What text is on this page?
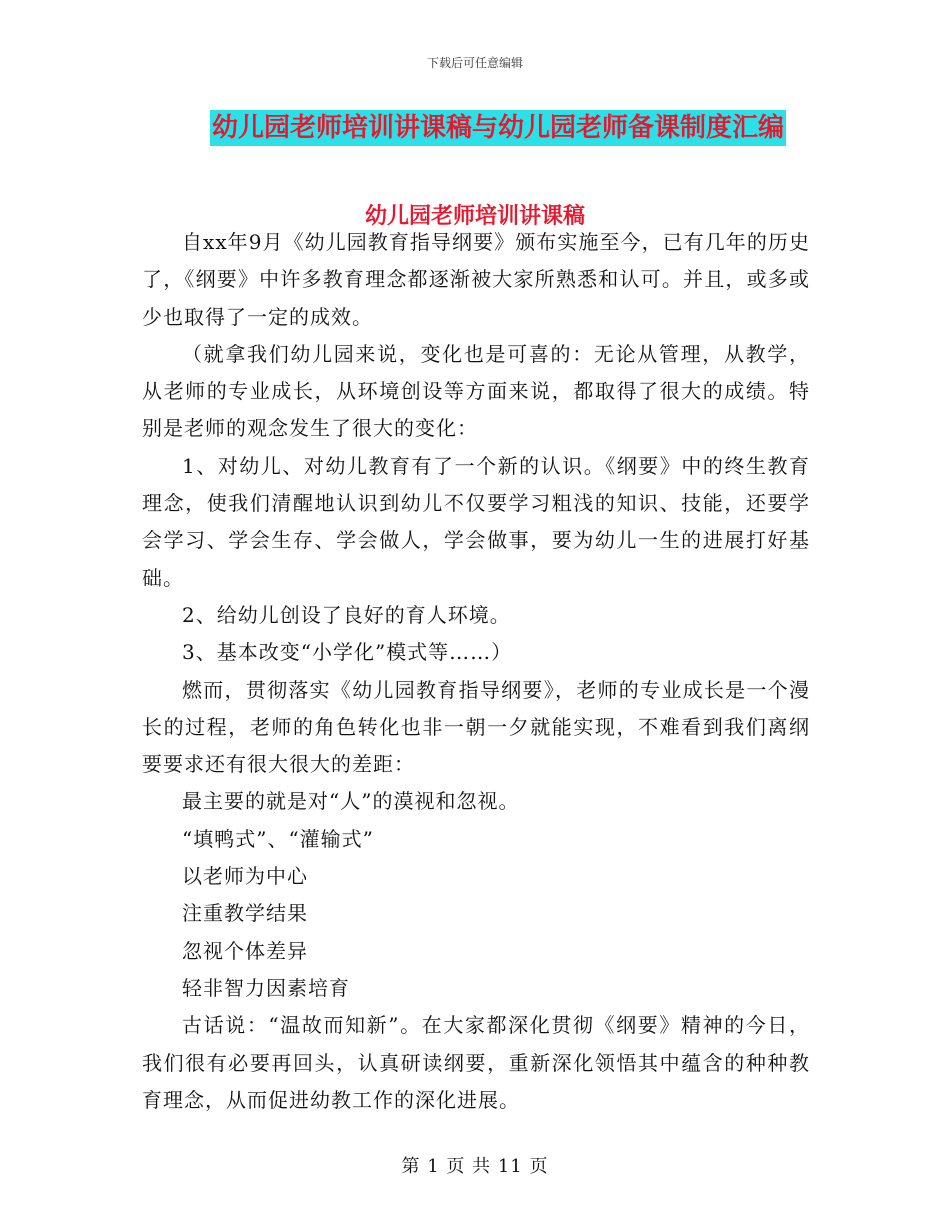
下载后可任意编辑
幼儿园老师培训讲课稿与幼儿园老师备课制度汇编
幼儿园老师培训讲课稿

自xx年9月《幼儿园教育指导纲要》颁布实施至今，已有几年的历史了，《纲要》中许多教育理念都逐渐被大家所熟悉和认可。并且，或多或少也取得了一定的成效。

（就拿我们幼儿园来说，变化也是可喜的：无论从管理，从教学，从老师的专业成长，从环境创设等方面来说，都取得了很大的成绩。特别是老师的观念发生了很大的变化：

1、对幼儿、对幼儿教育有了一个新的认识。《纲要》中的终生教育理念，使我们清醒地认识到幼儿不仅要学习粗浅的知识、技能，还要学会学习、学会生存、学会做人，学会做事，要为幼儿一生的进展打好基础。

2、给幼儿创设了良好的育人环境。

3、基本改变“小学化”模式等……）

燃而，贯彻落实《幼儿园教育指导纲要》，老师的专业成长是一个漫长的过程，老师的角色转化也非一朝一夕就能实现，不难看到我们离纲要要求还有很大很大的差距：

最主要的就是对“人”的漠视和忽视。

“填鸭式”、“灌输式”

以老师为中心

注重教学结果

忽视个体差异

轻非智力因素培育

古话说：“温故而知新”。在大家都深化贯彻《纲要》精神的今日，我们很有必要再回头，认真研读纲要，重新深化领悟其中蕴含的种种教育理念，从而促进幼教工作的深化进展。

第 1 页 共 11 页
